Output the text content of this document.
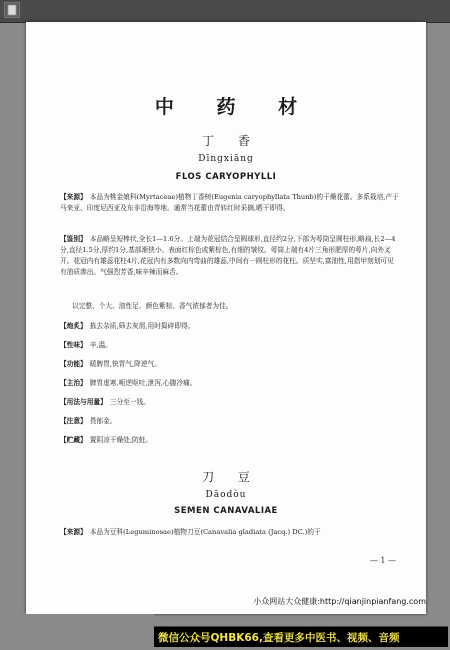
中 药 材
丁 香
Dīngxiāng
FLOS CARYOPHYLLI
【来源】 本品为桃金娘科(Myrtaceae)植物丁香树(Eugenia caryophyllata Thunb)的干燥花蕾。多系栽培,产于马来亚、印度尼西亚及东非沿海等地。通常当花蕾由青转红时采摘,晒干即得。
【鉴别】 本品略呈短棒状,全长1—1.6分。上端为花冠结合呈圆球形,直径约2分,下部为萼筒呈圆柱形,略扁,长2—4分,直径1.5分,厚约1分,基部渐狭小。表面红棕色或紫棕色,有细的皱纹。萼筒上端有4片三角形肥厚的萼片,向外叉开。花冠内有雄蕊花柱4片,花冠内有多数向内弯曲的雄蕊,中间有一圆柱形的花柱。质坚实,富油性,用指甲刻划可见有油质渗出。气强烈芳香,味辛辣而麻舌。
以完整、个大、油性足、颜色紫棕、香气浓郁者为佳。
【炮炙】 拣去杂质,筛去灰屑,用时捣碎即得。
【性味】 辛,温。
【功能】 暖脾胃,快胃气,降逆气。
【主治】 脾胃虚寒,呃逆呕吐,泄泻,心腹冷痛。
【用法与用量】 三分至一钱。
【注意】 畏郁金。
【贮藏】 置阴凉干燥处,防蛀。
刀 豆
Dāodòu
SEMEN CANAVALIAE
【来源】 本品为豆科(Leguminosae)植物刀豆(Canavalia gladiata (Jacq.) DC.)的干
— 1 —
小众网站大众健康:http://qianjinpianfang.com
微信公众号QHBK66,查看更多中医书、视频、音频
